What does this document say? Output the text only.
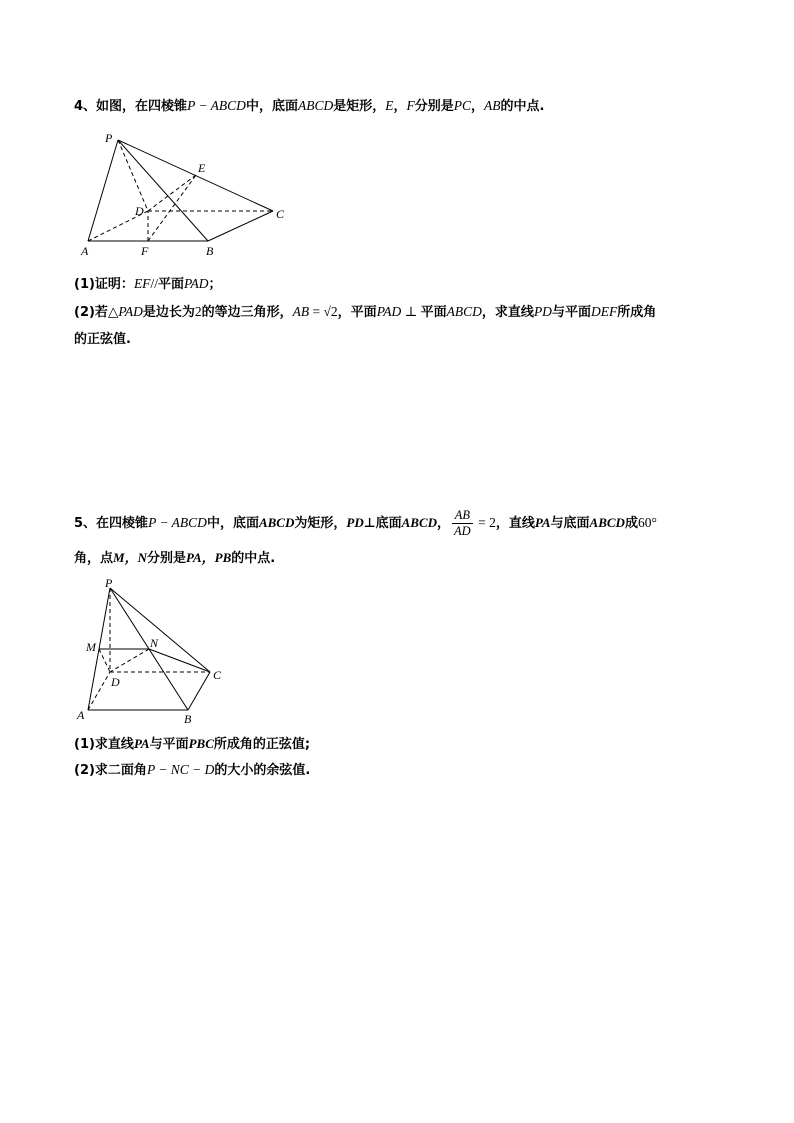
4、如图，在四棱锥P − ABCD中，底面ABCD是矩形，E，F分别是PC，AB的中点.
P
E
D	C
A	F	B
(1)证明：EF//平面PAD；
(2)若△PAD是边长为2的等边三角形，AB = √2，平面PAD ⊥ 平面ABCD，求直线PD与平面DEF所成角
的正弦值.
5、在四棱锥P − ABCD中，底面ABCD为矩形，PD⊥底面ABCD， $\frac{AB}{AD} = 2$，直线PA与底面ABCD成60°
角，点M，N分别是PA，PB的中点.
P
M	N
D	C
A	B
(1)求直线PA与平面PBC所成角的正弦值;
(2)求二面角P − NC − D的大小的余弦值.
